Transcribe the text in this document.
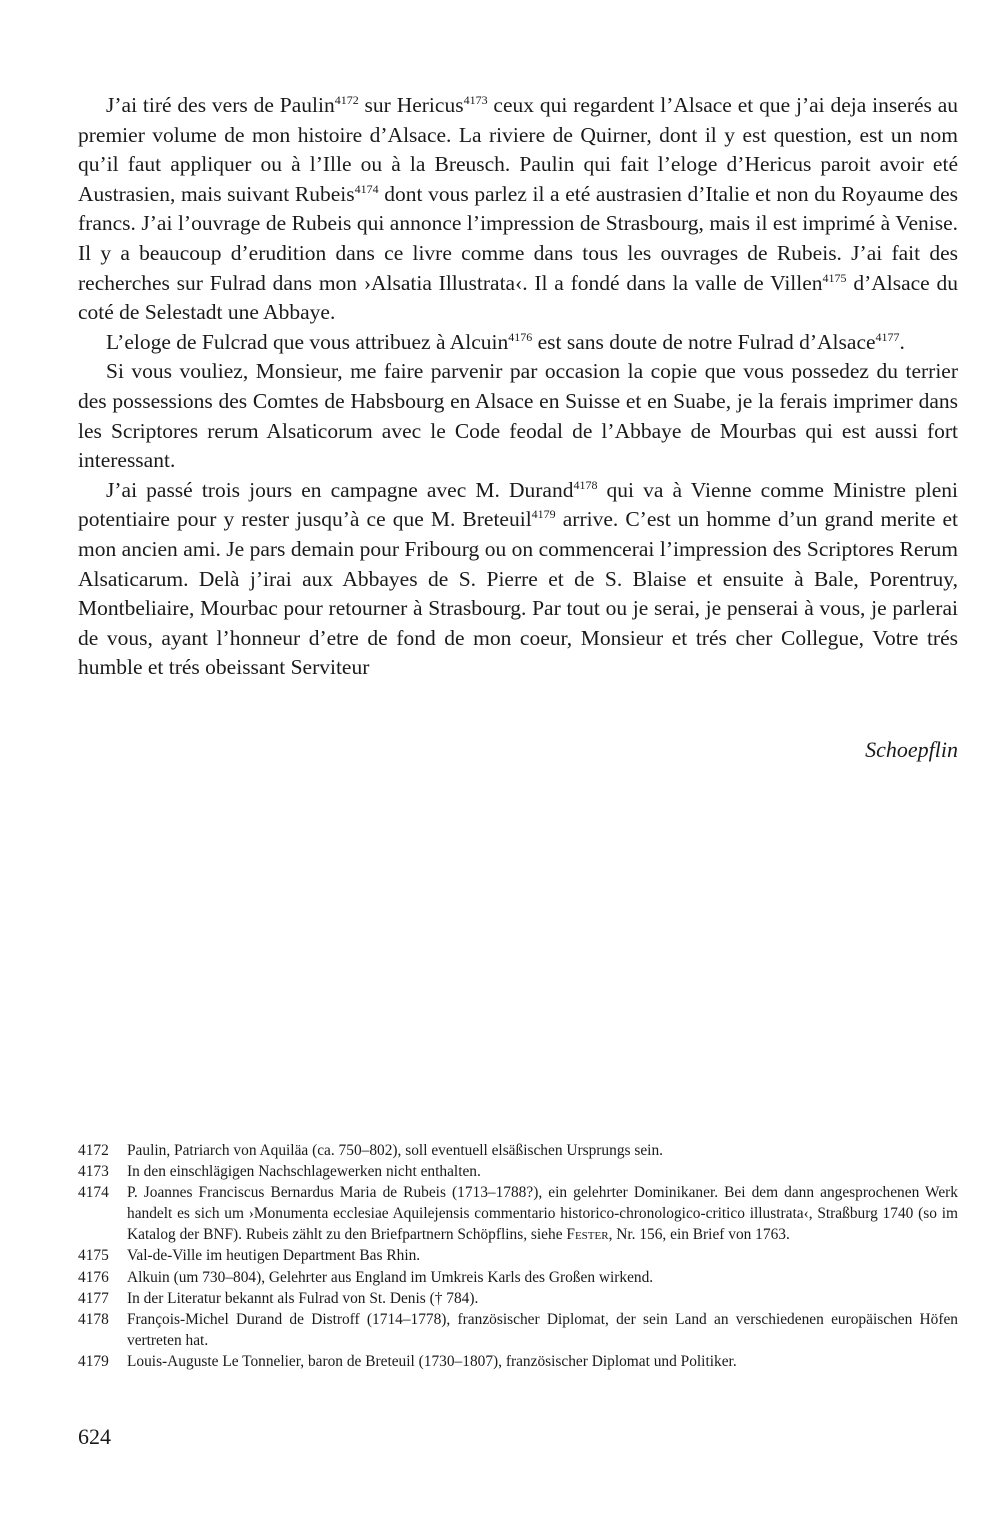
J’ai tiré des vers de Paulin$^{4172}$ sur Hericus$^{4173}$ ceux qui regardent l’Alsace et que j’ai deja inserés au premier volume de mon histoire d’Alsace. La riviere de Quirner, dont il y est question, est un nom qu’il faut appliquer ou à l’Ille ou à la Breusch. Paulin qui fait l’eloge d’Hericus paroit avoir eté Austrasien, mais suivant Rubeis$^{4174}$ dont vous parlez il a eté austrasien d’Italie et non du Royaume des francs. J’ai l’ouvrage de Rubeis qui annonce l’impression de Strasbourg, mais il est imprimé à Venise. Il y a beaucoup d’erudition dans ce livre comme dans tous les ouvrages de Rubeis. J’ai fait des recherches sur Fulrad dans mon ›Alsatia Illustrata‹. Il a fondé dans la valle de Villen$^{4175}$ d’Alsace du coté de Selestadt une Abbaye.

L’eloge de Fulcrad que vous attribuez à Alcuin$^{4176}$ est sans doute de notre Fulrad d’Alsace$^{4177}$.

Si vous vouliez, Monsieur, me faire parvenir par occasion la copie que vous possedez du terrier des possessions des Comtes de Habsbourg en Alsace en Suisse et en Suabe, je la ferais imprimer dans les Scriptores rerum Alsaticorum avec le Code feodal de l’Abbaye de Mourbas qui est aussi fort interessant.

J’ai passé trois jours en campagne avec M. Durand$^{4178}$ qui va à Vienne comme Ministre pleni potentiaire pour y rester jusqu’à ce que M. Breteuil$^{4179}$ arrive. C’est un homme d’un grand merite et mon ancien ami. Je pars demain pour Fribourg ou on commencerai l’impression des Scriptores Rerum Alsaticarum. Delà j’irai aux Abbayes de S. Pierre et de S. Blaise et ensuite à Bale, Porentruy, Montbeliaire, Mourbac pour retourner à Strasbourg. Par tout ou je serai, je penserai à vous, je parlerai de vous, ayant l’honneur d’etre de fond de mon coeur, Monsieur et trés cher Collegue, Votre trés humble et trés obeissant Serviteur

Schoepflin
4172	Paulin, Patriarch von Aquiläa (ca. 750–802), soll eventuell elsäßischen Ursprungs sein.
4173	In den einschlägigen Nachschlagewerken nicht enthalten.
4174	P. Joannes Franciscus Bernardus Maria de Rubeis (1713–1788?), ein gelehrter Dominikaner. Bei dem dann angesprochenen Werk handelt es sich um ›Monumenta ecclesiae Aquilejensis commentario historico-chronologico-critico illustrata‹, Straßburg 1740 (so im Katalog der BNF). Rubeis zählt zu den Briefpartnern Schöpflins, siehe Fester, Nr. 156, ein Brief von 1763.
4175	Val-de-Ville im heutigen Department Bas Rhin.
4176	Alkuin (um 730–804), Gelehrter aus England im Umkreis Karls des Großen wirkend.
4177	In der Literatur bekannt als Fulrad von St. Denis († 784).
4178	François-Michel Durand de Distroff (1714–1778), französischer Diplomat, der sein Land an verschiedenen europäischen Höfen vertreten hat.
4179	Louis-Auguste Le Tonnelier, baron de Breteuil (1730–1807), französischer Diplomat und Politiker.
624
